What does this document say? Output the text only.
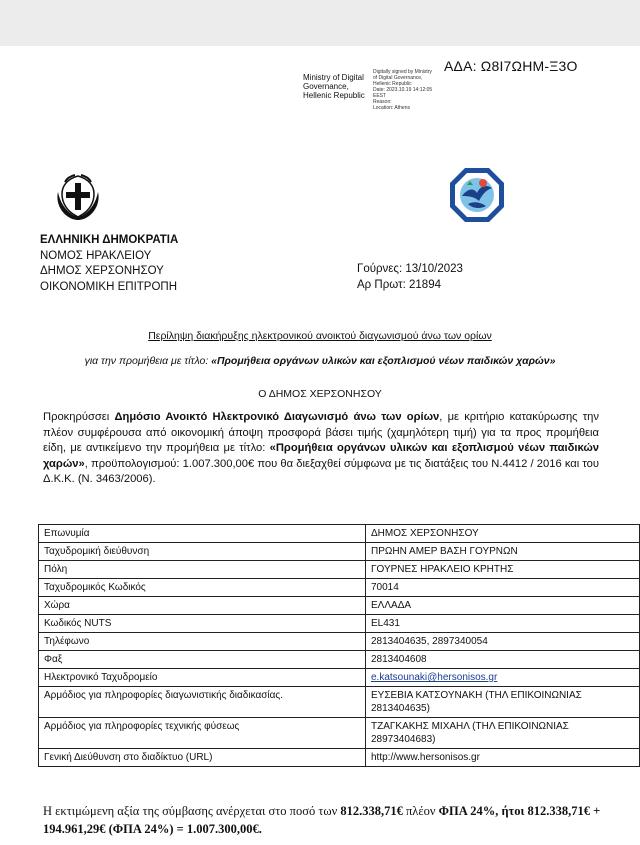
ΑΔΑ: Ω8Ι7ΩΗΜ-Ξ3Ο
Ministry of Digital
Governance,
Hellenic Republic
Digitally signed by Ministry
of Digital Governance,
Hellenic Republic
Date: 2023.10.19 14:12:05
EEST
Reason:
Location: Athens
ΕΛΛΗΝΙΚΗ ΔΗΜΟΚΡΑΤΙΑ
ΝΟΜΟΣ ΗΡΑΚΛΕΙΟΥ
ΔΗΜΟΣ ΧΕΡΣΟΝΗΣΟΥ
ΟΙΚΟΝΟΜΙΚΗ ΕΠΙΤΡΟΠΗ
Γούρνες: 13/10/2023
Αρ Πρωτ: 21894
Περίληψη διακήρυξης ηλεκτρονικού ανοικτού διαγωνισμού άνω των ορίων
για την προμήθεια με τίτλο: «Προμήθεια οργάνων υλικών και εξοπλισμού νέων παιδικών χαρών»
Ο ΔΗΜΟΣ ΧΕΡΣΟΝΗΣΟΥ
Προκηρύσσει Δημόσιο Ανοικτό Ηλεκτρονικό Διαγωνισμό άνω των ορίων, με κριτήριο κατακύρωσης την πλέον συμφέρουσα από οικονομική άποψη προσφορά βάσει τιμής (χαμηλότερη τιμή) για τα προς προμήθεια είδη, με αντικείμενο την προμήθεια με τίτλο: «Προμήθεια οργάνων υλικών και εξοπλισμού νέων παιδικών χαρών», προϋπολογισμού: 1.007.300,00€ που θα διεξαχθεί σύμφωνα με τις διατάξεις του Ν.4412 / 2016 και του Δ.Κ.Κ. (Ν. 3463/2006).
Επωνυμία	ΔΗΜΟΣ ΧΕΡΣΟΝΗΣΟΥ
Ταχυδρομική διεύθυνση	ΠΡΩΗΝ ΑΜΕΡ ΒΑΣΗ ΓΟΥΡΝΩΝ
Πόλη	ΓΟΥΡΝΕΣ ΗΡΑΚΛΕΙΟ ΚΡΗΤΗΣ
Ταχυδρομικός Κωδικός	70014
Χώρα	ΕΛΛΑΔΑ
Κωδικός NUTS	EL431
Τηλέφωνο	2813404635, 2897340054
Φαξ	2813404608
Ηλεκτρονικό Ταχυδρομείο	e.katsounaki@hersonisos.gr
Αρμόδιος για πληροφορίες διαγωνιστικής διαδικασίας.	ΕΥΣΕΒΙΑ ΚΑΤΣΟΥΝΑΚΗ (ΤΗΛ ΕΠΙΚΟΙΝΩΝΙΑΣ 2813404635)
Αρμόδιος για πληροφορίες τεχνικής φύσεως	ΤΖΑΓΚΑΚΗΣ ΜΙΧΑΗΛ (ΤΗΛ ΕΠΙΚΟΙΝΩΝΙΑΣ 28973404683)
Γενική Διεύθυνση στο διαδίκτυο (URL)	http://www.hersonisos.gr
Η εκτιμώμενη αξία της σύμβασης ανέρχεται στο ποσό των 812.338,71€ πλέον ΦΠΑ 24%, ήτοι 812.338,71€ + 194.961,29€ (ΦΠΑ 24%) = 1.007.300,00€.
